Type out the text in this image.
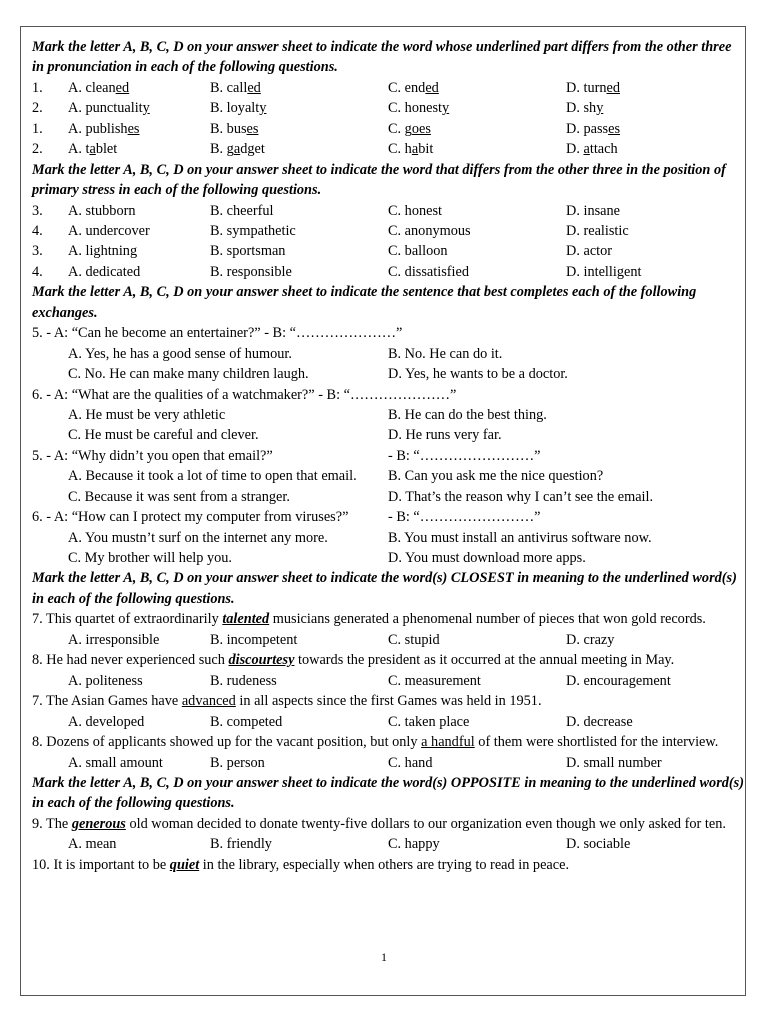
Mark the letter A, B, C, D on your answer sheet to indicate the word whose underlined part differs from the other three in pronunciation in each of the following questions.
1. A. cleaned	B. called	C. ended	D. turned
2. A. punctuality	B. loyalty	C. honesty	D. shy
1. A. publishes	B. buses	C. goes	D. passes
2. A. tablet	B. gadget	C. habit	D. attach
Mark the letter A, B, C, D on your answer sheet to indicate the word that differs from the other three in the position of primary stress in each of the following questions.
3. A. stubborn	B. cheerful	C. honest	D. insane
4. A. undercover	B. sympathetic	C. anonymous	D. realistic
3. A. lightning	B. sportsman	C. balloon	D. actor
4. A. dedicated	B. responsible	C. dissatisfied	D. intelligent
Mark the letter A, B, C, D on your answer sheet to indicate the sentence that best completes each of the following exchanges.
5. - A: “Can he become an entertainer?” - B: “…………………”
A. Yes, he has a good sense of humour.	B. No. He can do it.
C. No. He can make many children laugh.	D. Yes, he wants to be a doctor.
6. - A: “What are the qualities of a watchmaker?” - B: “…………………”
A. He must be very athletic	B. He can do the best thing.
C. He must be careful and clever.	D. He runs very far.
5. - A: “Why didn’t you open that email?”	- B: “……………………”
A. Because it took a lot of time to open that email. B. Can you ask me the nice question?
C. Because it was sent from a stranger.	D. That’s the reason why I can’t see the email.
6. - A: “How can I protect my computer from viruses?”	- B: “……………………”
A. You mustn’t surf on the internet any more.	B. You must install an antivirus software now.
C. My brother will help you.	D. You must download more apps.
Mark the letter A, B, C, D on your answer sheet to indicate the word(s) CLOSEST in meaning to the underlined word(s) in each of the following questions.
7. This quartet of extraordinarily talented musicians generated a phenomenal number of pieces that won gold records.
A. irresponsible	B. incompetent	C. stupid	D. crazy
8. He had never experienced such discourtesy towards the president as it occurred at the annual meeting in May.
A. politeness	B. rudeness	C. measurement	D. encouragement
7. The Asian Games have advanced in all aspects since the first Games was held in 1951.
A. developed	B. competed	C. taken place	D. decrease
8. Dozens of applicants showed up for the vacant position, but only a handful of them were shortlisted for the interview.
A. small amount	B. person	C. hand	D. small number
Mark the letter A, B, C, D on your answer sheet to indicate the word(s) OPPOSITE in meaning to the underlined word(s) in each of the following questions.
9. The generous old woman decided to donate twenty-five dollars to our organization even though we only asked for ten.
A. mean	B. friendly	C. happy	D. sociable
10. It is important to be quiet in the library, especially when others are trying to read in peace.
1
